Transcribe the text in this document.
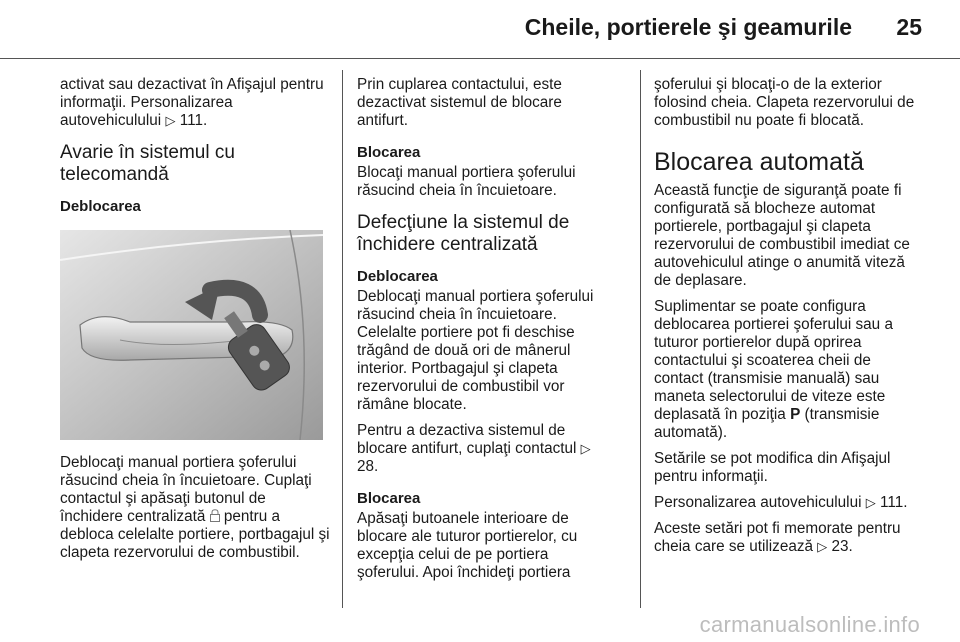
Cheile, portierele şi geamurile 25

activat sau dezactivat în Afişajul pentru informaţii. Personalizarea autovehiculului ▷ 111.

Avarie în sistemul cu telecomandă
Deblocarea

Deblocaţi manual portiera şoferului răsucind cheia în încuietoare. Cuplaţi contactul şi apăsaţi butonul de închidere centralizată  pentru a debloca celelalte portiere, portbagajul şi clapeta rezervorului de combustibil.

Prin cuplarea contactului, este dezactivat sistemul de blocare antifurt.

Blocarea

Blocaţi manual portiera şoferului răsucind cheia în încuietoare.

Defecţiune la sistemul de închidere centralizată
Deblocarea

Deblocaţi manual portiera şoferului răsucind cheia în încuietoare. Celelalte portiere pot fi deschise trăgând de două ori de mânerul interior. Portbagajul şi clapeta rezervorului de combustibil vor rămâne blocate.

Pentru a dezactiva sistemul de blocare antifurt, cuplaţi contactul ▷ 28.

Blocarea

Apăsaţi butoanele interioare de blocare ale tuturor portierelor, cu excepţia celui de pe portiera şoferului. Apoi închideţi portiera

şoferului şi blocaţi-o de la exterior folosind cheia. Clapeta rezervorului de combustibil nu poate fi blocată.

Blocarea automată

Această funcţie de siguranţă poate fi configurată să blocheze automat portierele, portbagajul şi clapeta rezervorului de combustibil imediat ce autovehiculul atinge o anumită viteză de deplasare.

Suplimentar se poate configura deblocarea portierei şoferului sau a tuturor portierelor după oprirea contactului şi scoaterea cheii de contact (transmisie manuală) sau maneta selectorului de viteze este deplasată în poziţia P (transmisie automată).

Setările se pot modifica din Afişajul pentru informaţii.

Personalizarea autovehiculului ▷ 111.

Aceste setări pot fi memorate pentru cheia care se utilizează ▷ 23.

carmanualsonline.info
